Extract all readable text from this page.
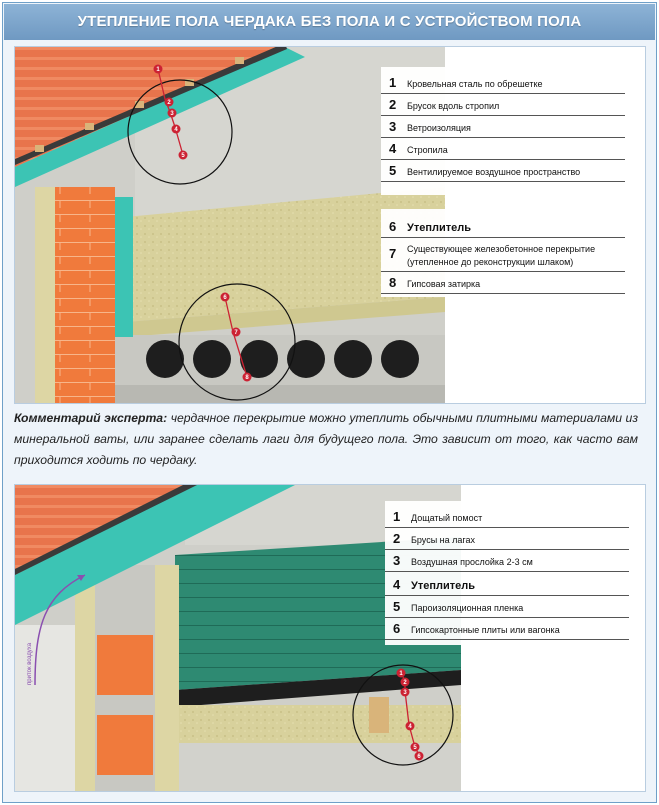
УТЕПЛЕНИЕ ПОЛА ЧЕРДАКА БЕЗ ПОЛА И С УСТРОЙСТВОМ ПОЛА
1
2
3
4
5
6
7
8
1 Кровельная сталь по обрешетке
2 Брусок вдоль стропил
3 Ветроизоляция
4 Стропила
5 Вентилируемое воздушное пространство
6 Утеплитель
7 Существующее железобетонное перекрытие
(утепленное до реконструкции шлаком)
8 Гипсовая затирка
Комментарий эксперта: чердачное перекрытие можно утеплить обычными плитными материалами из минеральной ваты, или заранее сделать лаги для будущего пола. Это зависит от того, как часто вам приходится ходить по чердаку.
приток воздуха	1
2
3
4
5
6
1 Дощатый помост
2 Брусы на лагах
3 Воздушная прослойка 2-3 см
4 Утеплитель
5 Пароизоляционная пленка
6 Гипсокартонные плиты или вагонка
